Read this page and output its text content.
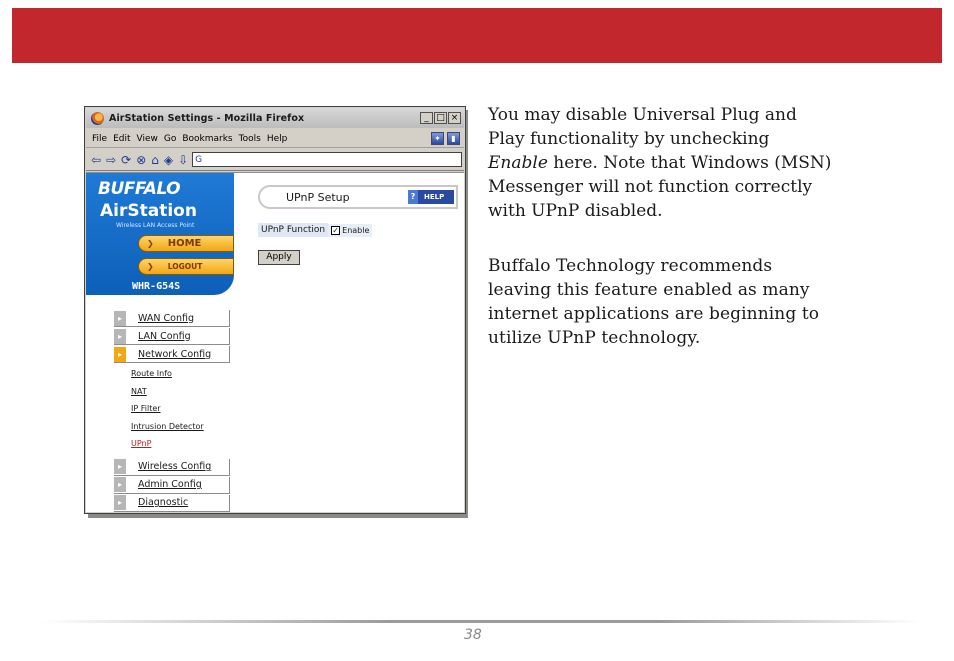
AirStation Settings - Mozilla Firefox	_ □ ×
File Edit View Go Bookmarks Tools Help	✦	▮
⇦ ⇨ ⟳ ⊗ ⌂ ◈ ⇩ G
BUFFALO
AirStation
Wireless LAN Access Point
❯ HOME
❯ LOGOUT
WHR-G54S
▸	WAN Config
▸	LAN Config
▸	Network Config
Route Info
NAT
IP Filter
Intrusion Detector
UPnP
▸	Wireless Config
▸	Admin Config
▸	Diagnostic
UPnP Setup	?	HELP
UPnP Function ✓ Enable
Apply
You may disable Universal Plug and
Play functionality by unchecking
Enable here. Note that Windows (MSN)
Messenger will not function correctly
with UPnP disabled.
Buffalo Technology recommends
leaving this feature enabled as many
internet applications are beginning to
utilize UPnP technology.
38
